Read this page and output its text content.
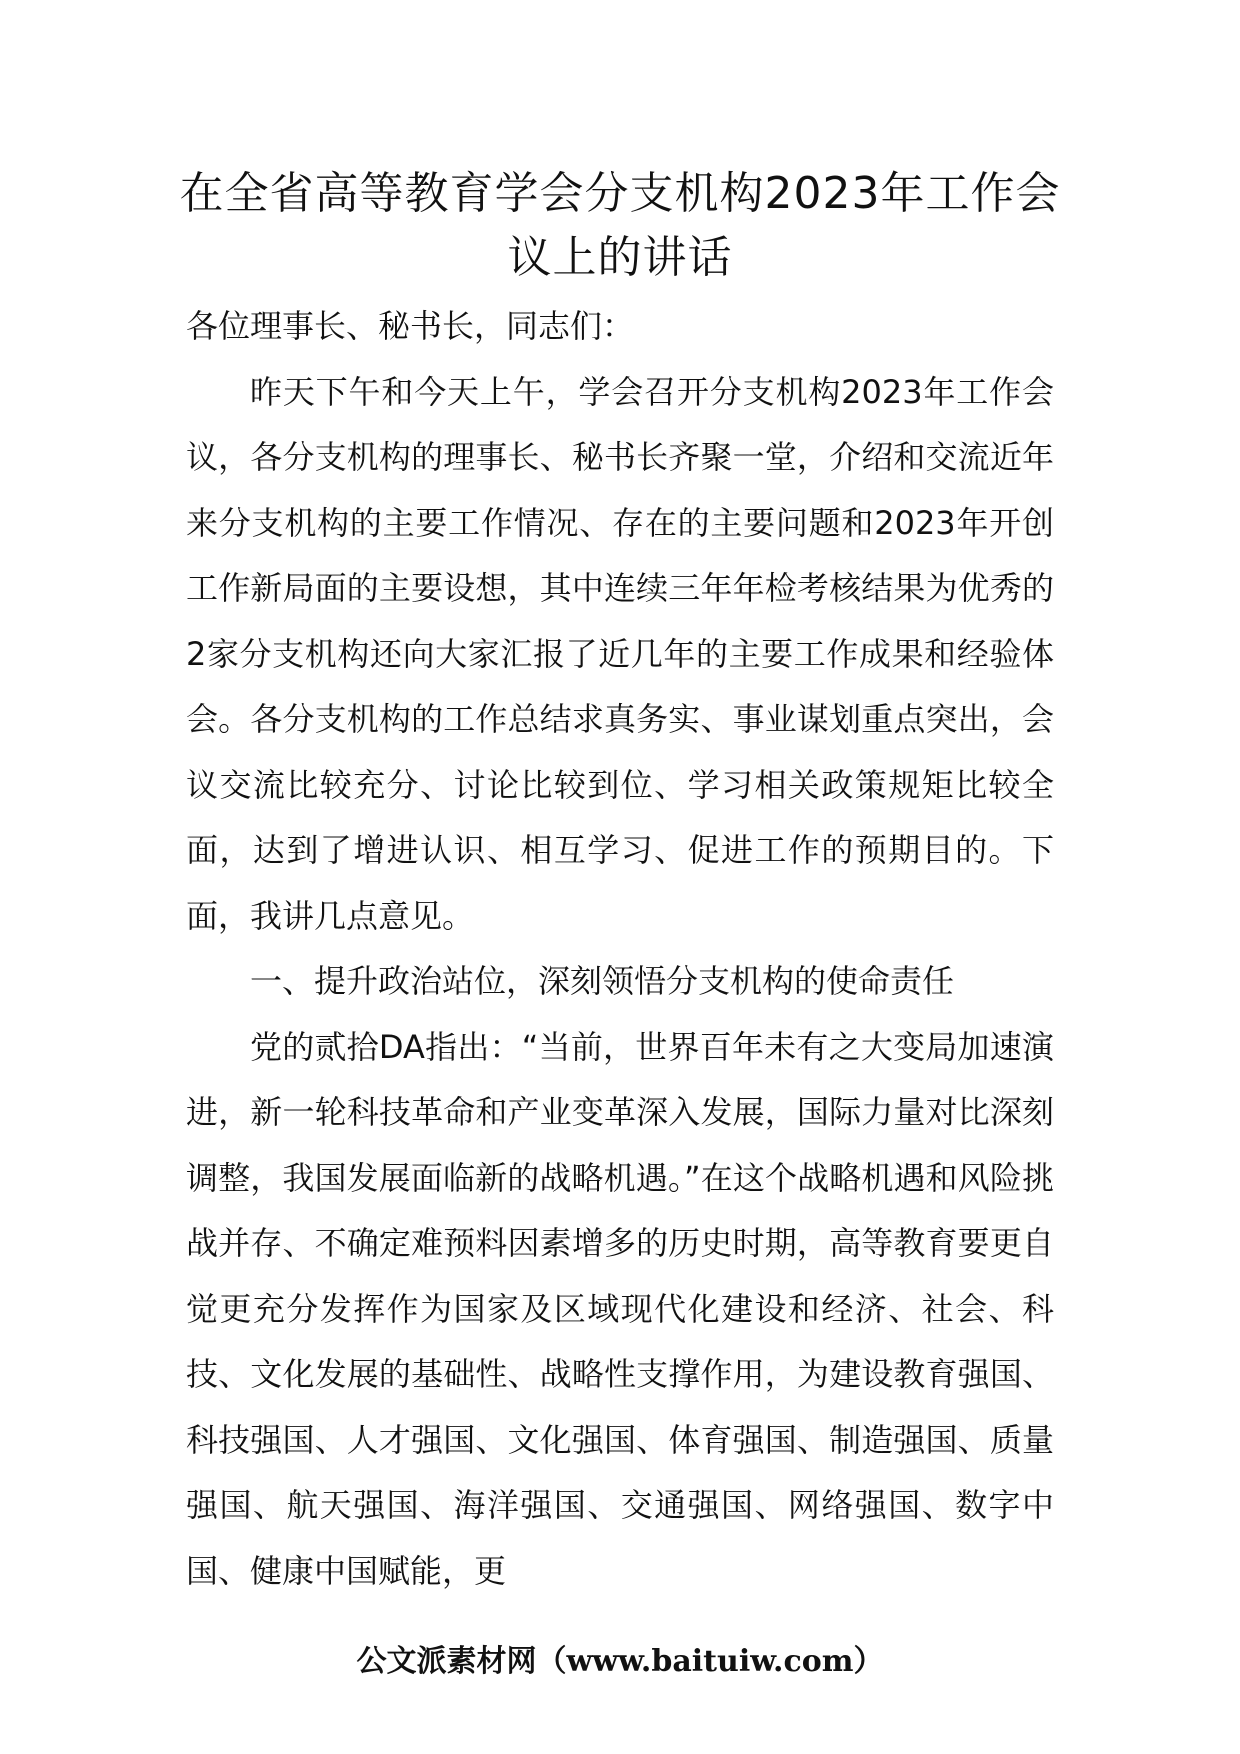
在全省高等教育学会分支机构2023年工作会议上的讲话

各位理事长、秘书长，同志们：

昨天下午和今天上午，学会召开分支机构2023年工作会议，各分支机构的理事长、秘书长齐聚一堂，介绍和交流近年来分支机构的主要工作情况、存在的主要问题和2023年开创工作新局面的主要设想，其中连续三年年检考核结果为优秀的2家分支机构还向大家汇报了近几年的主要工作成果和经验体会。各分支机构的工作总结求真务实、事业谋划重点突出，会议交流比较充分、讨论比较到位、学习相关政策规矩比较全面，达到了增进认识、相互学习、促进工作的预期目的。下面，我讲几点意见。

一、提升政治站位，深刻领悟分支机构的使命责任

党的贰拾DA指出：“当前，世界百年未有之大变局加速演进，新一轮科技革命和产业变革深入发展，国际力量对比深刻调整，我国发展面临新的战略机遇。”在这个战略机遇和风险挑战并存、不确定难预料因素增多的历史时期，高等教育要更自觉更充分发挥作为国家及区域现代化建设和经济、社会、科技、文化发展的基础性、战略性支撑作用，为建设教育强国、科技强国、人才强国、文化强国、体育强国、制造强国、质量强国、航天强国、海洋强国、交通强国、网络强国、数字中国、健康中国赋能，更

公文派素材网（www.baituiw.com）
